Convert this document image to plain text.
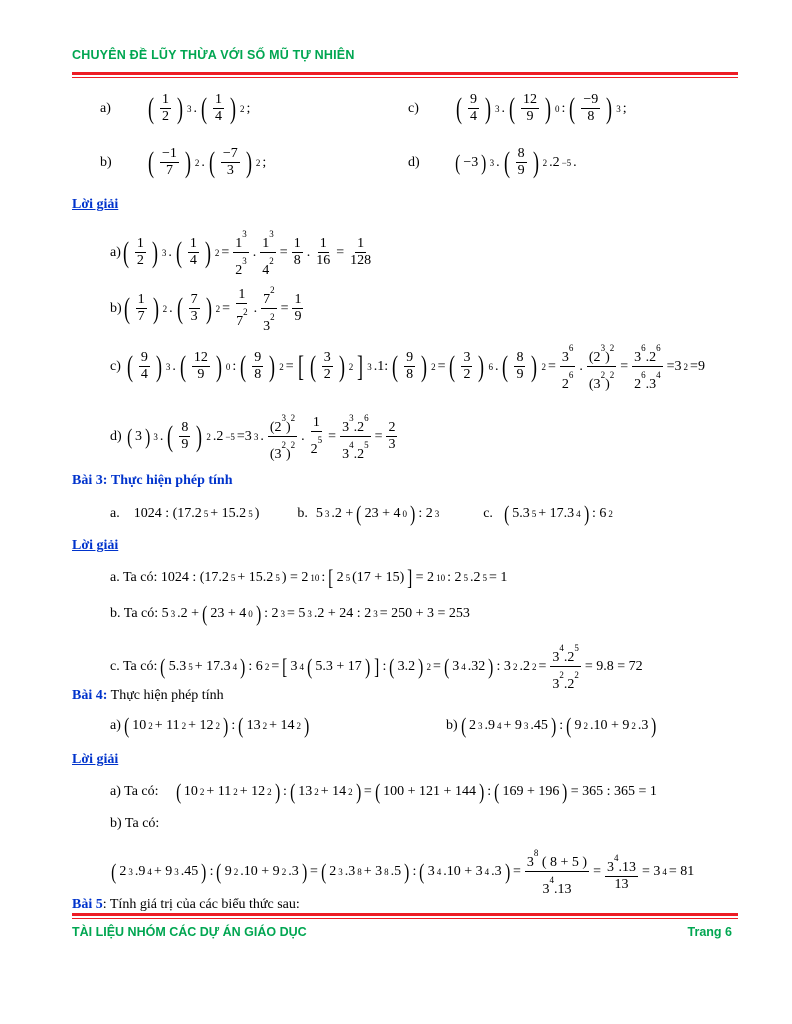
CHUYÊN ĐỀ LŨY THỪA VỚI SỐ MŨ TỰ NHIÊN
a)	( 1
2 ) 3 . ( 1
4 ) 2 ;	c)	( 9
4 ) 3 . ( 12
9 ) 0 : ( −9
8 ) 3 ;
b)	( −1
7 ) 2 . ( −7
3 ) 2 ;	d)	( −3 ) 3 . ( 8
9 ) 2 .2 −5 .
Lời giải
a) ( 1
2 ) 3 . ( 1
4 ) 2 =
$1^3$
$2^3$
.
$1^3$
$4^2$
=
1
8
.
1
16
=
1
128
b) ( 1
7 ) 2 . ( 7
3 ) 2 =
1
$7^2$ .
$7^2$
$3^2$
=
1
9
c) ( 9
4 ) 3 . ( 12
9 ) 0 : ( 9
8 ) 2 = [ ( 3
2 ) 2 ] 3 .1: ( 9
8 ) 2 = ( 3
2 ) 6 . ( 8
9 ) 2 =
$3^6$
$2^6$
.
$(2^3)^2$
$(3^2)^2$
=
$3^6.2^6$
$2^6.3^4$
=3 2 =9
d) ( 3 ) 3 . ( 8
9 ) 2 .2 −5 =3 3 .
$(2^3)^2$
$(3^2)^2$
.
1
$2^5$ =
$3^3.2^6$
$3^4.2^5$
=
2
3
Bài 3: Thực hiện phép tính
a. 1024 : (17.2 5 + 15.2 5 )	b. 5 3 .2 + ( 23 + 4 0 ) : 2 3	c. ( 5.3 5 + 17.3 4 ) : 6 2
Lời giải
a. Ta có: 1024 : (17.2 5 + 15.2 5 ) = 2 10 : [ 2 5 (17 + 15) ] = 2 10 : 2 5 .2 5 = 1
b. Ta có: 5 3 .2 + ( 23 + 4 0 ) : 2 3 = 5 3 .2 + 24 : 2 3 = 250 + 3 = 253
c. Ta có: ( 5.3 5 + 17.3 4 ) : 6 2 = [ 3 4 ( 5.3 + 17 ) ] : ( 3.2 ) 2 = ( 3 4 .32 ) : 3 2 .2 2 =
$3^4.2^5$
$3^2.2^2$
= 9.8 = 72
Bài 4: Thực hiện phép tính
a) ( 10 2 + 11 2 + 12 2 ) : ( 13 2 + 14 2 )	b) ( 2 3 .9 4 + 9 3 .45 ) : ( 9 2 .10 + 9 2 .3 )
Lời giải
a) Ta có: ( 10 2 + 11 2 + 12 2 ) : ( 13 2 + 14 2 ) = ( 100 + 121 + 144 ) : ( 169 + 196 ) = 365 : 365 = 1
b) Ta có:
( 2 3 .9 4 + 9 3 .45 ) : ( 9 2 .10 + 9 2 .3 ) = ( 2 3 .3 8 + 3 8 .5 ) : ( 3 4 .10 + 3 4 .3 ) =
$3^8$ ( 8 + 5 )
$3^4.13$
= $3^4.13$
13
= 3 4 = 81
Bài 5: Tính giá trị của các biểu thức sau:
TÀI LIỆU NHÓM CÁC DỰ ÁN GIÁO DỤC	Trang 6
